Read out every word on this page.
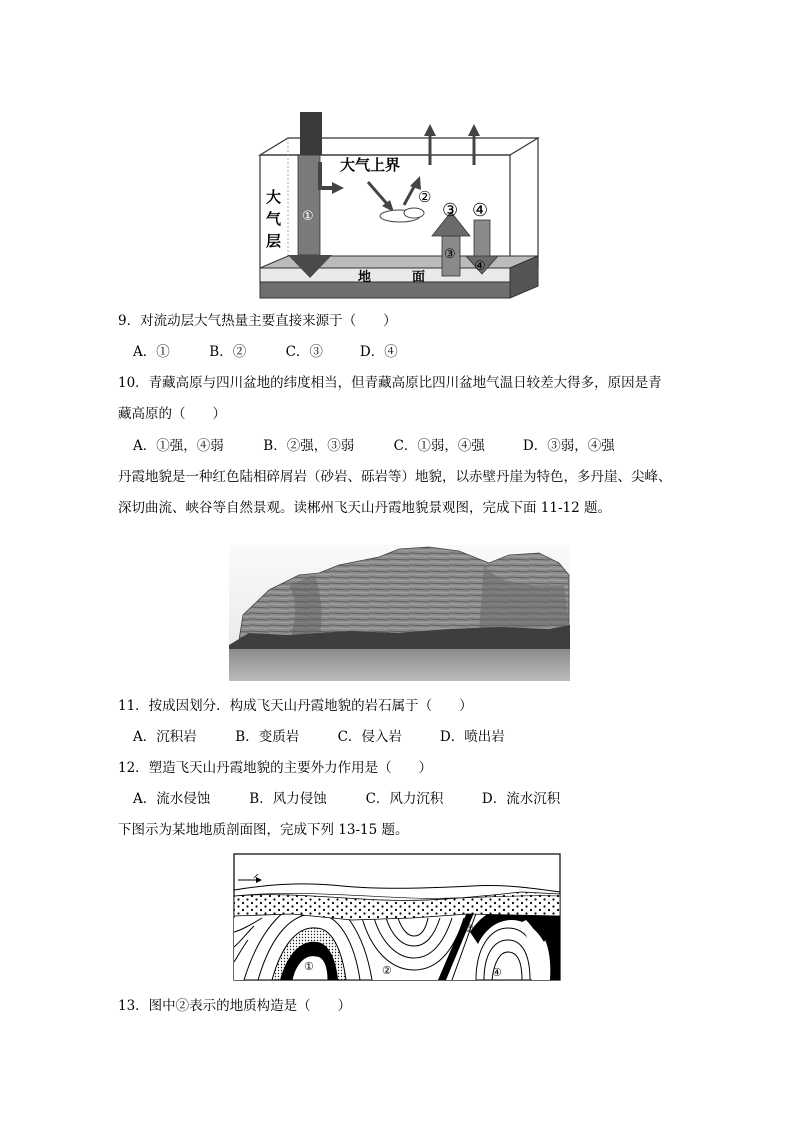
大气上界
大
气
层
地	面
①
②
③ ④
③
④
9．对流动层大气热量主要直接来源于（　　）
A．①	B．②	C．③	D．④
10．青藏高原与四川盆地的纬度相当，但青藏高原比四川盆地气温日较差大得多，原因是青
藏高原的（　　）
A．①强，④弱	B．②强，③弱	C．①弱，④强	D．③弱，④强
丹霞地貌是一种红色陆相碎屑岩（砂岩、砾岩等）地貌，以赤壁丹崖为特色，多丹崖、尖峰、
深切曲流、峡谷等自然景观。读郴州飞天山丹霞地貌景观图，完成下面 11-12 题。
11．按成因划分．构成飞天山丹霞地貌的岩石属于（　　）
A．沉积岩	B．变质岩	C．侵入岩	D．喷出岩
12．塑造飞天山丹霞地貌的主要外力作用是（　　）
A．流水侵蚀	B．风力侵蚀	C．风力沉积	D．流水沉积
下图示为某地地质剖面图，完成下列 13-15 题。
①	②
③
④
13．图中②表示的地质构造是（　　）
